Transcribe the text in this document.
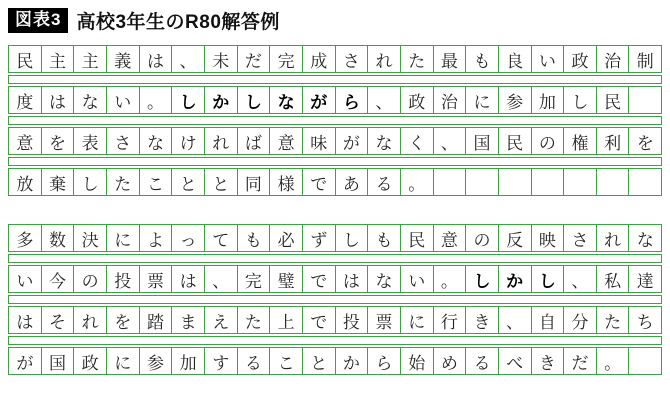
図表3 高校3年生のR80解答例
民 主 主 義 は 、 未 だ 完 成 さ れ た 最 も 良 い 政 治 制
度 は な い 。 し か し な が ら 、 政 治 に 参 加 し 民
意 を 表 さ な け れ ば 意 味 が な く 、 国 民 の 権 利 を
放 棄 し た こ と と 同 様 で あ る 。
多 数 決 に よ っ て も 必 ず し も 民 意 の 反 映 さ れ な
い 今 の 投 票 は 、 完 璧 で は な い 。 し か し 、 私 達
は そ れ を 踏 ま え た 上 で 投 票 に 行 き 、 自 分 た ち
が 国 政 に 参 加 す る こ と か ら 始 め る べ き だ 。
